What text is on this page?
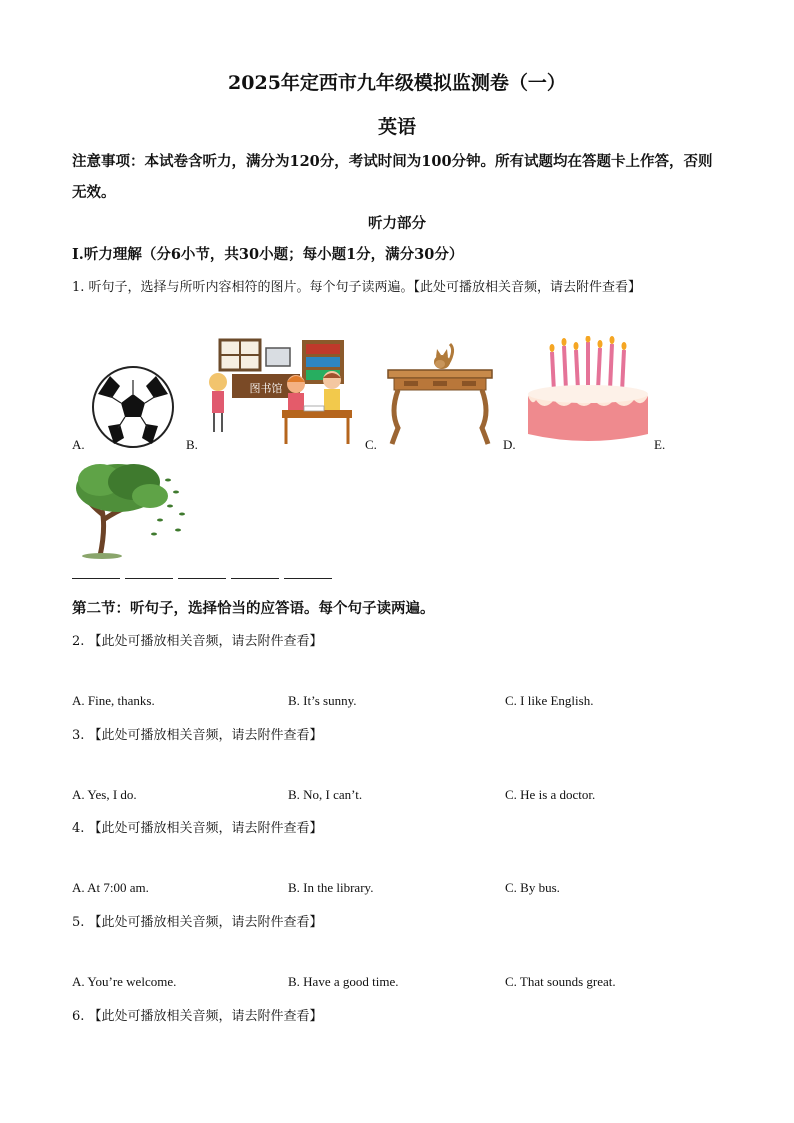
2025年定西市九年级模拟监测卷（一）
英语
注意事项：本试卷含听力，满分为120分，考试时间为100分钟。所有试题均在答题卡上作答，否则无效。
听力部分
I.听力理解（分6小节，共30小题；每小题1分，满分30分）
1. 听句子，选择与所听内容相符的图片。每个句子读两遍。【此处可播放相关音频，请去附件查看】
A.
图书馆
B.	C.	D.	E.
第二节：听句子，选择恰当的应答语。每个句子读两遍。
2. 【此处可播放相关音频，请去附件查看】
A. Fine, thanks.	B. It’s sunny.	C. I like English.
3. 【此处可播放相关音频，请去附件查看】
A. Yes, I do.	B. No, I can’t.	C. He is a doctor.
4. 【此处可播放相关音频，请去附件查看】
A. At 7:00 am.	B. In the library.	C. By bus.
5. 【此处可播放相关音频，请去附件查看】
A. You’re welcome.	B. Have a good time.	C. That sounds great.
6. 【此处可播放相关音频，请去附件查看】
